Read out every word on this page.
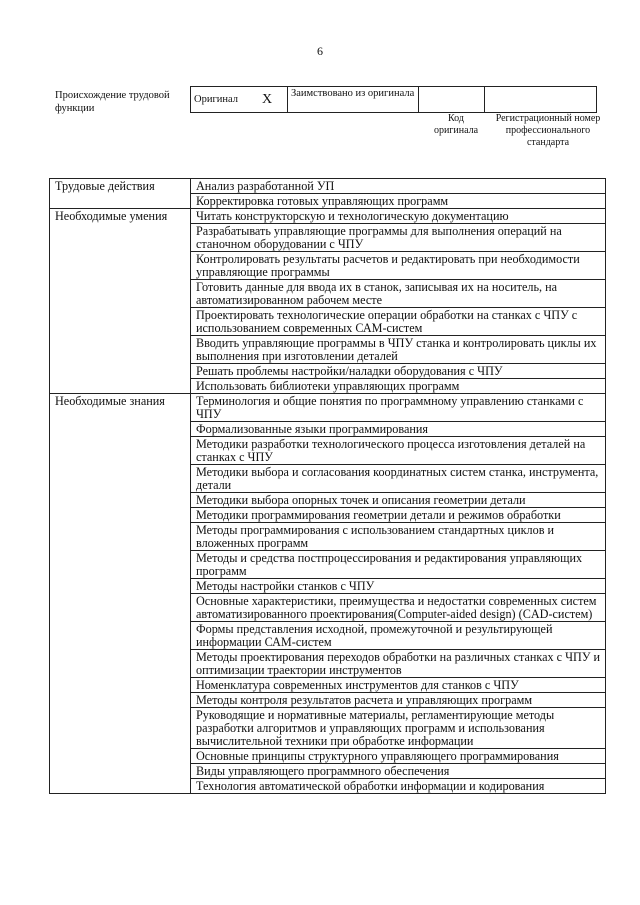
6
Происхождение трудовой функции
Оригинал	X	Заимствовано из оригинала		
Код оригинала
Регистрационный номер профессионального стандарта
Трудовые действия	Анализ разработанной УП
	Корректировка готовых управляющих программ
Необходимые умения	Читать конструкторскую и технологическую документацию
	Разрабатывать управляющие программы для выполнения операций на станочном оборудовании с ЧПУ
	Контролировать результаты расчетов и редактировать при необходимости управляющие программы
	Готовить данные для ввода их в станок, записывая их на носитель, на автоматизированном рабочем месте
	Проектировать технологические операции обработки на станках с ЧПУ с использованием современных САМ-систем
	Вводить управляющие программы в ЧПУ станка и контролировать циклы их выполнения при изготовлении деталей
	Решать проблемы настройки/наладки оборудования с ЧПУ
	Использовать библиотеки управляющих программ
Необходимые знания	Терминология и общие понятия по программному управлению станками с ЧПУ
	Формализованные языки программирования
	Методики разработки технологического процесса изготовления деталей на станках с ЧПУ
	Методики выбора и согласования координатных систем станка, инструмента, детали
	Методики выбора опорных точек и описания геометрии детали
	Методики программирования геометрии детали и режимов обработки
	Методы программирования с использованием стандартных циклов и вложенных программ
	Методы и средства постпроцессирования и редактирования управляющих программ
	Методы настройки станков с ЧПУ
	Основные характеристики, преимущества и недостатки современных систем автоматизированного проектирования(Computer-aided design) (CAD-систем)
	Формы представления исходной, промежуточной и результирующей информации САМ-систем
	Методы проектирования переходов обработки на различных станках с ЧПУ и оптимизации траектории инструментов
	Номенклатура современных инструментов для станков с ЧПУ
	Методы контроля результатов расчета и управляющих программ
	Руководящие и нормативные материалы, регламентирующие методы разработки алгоритмов и управляющих программ и использования вычислительной техники при обработке информации
	Основные принципы структурного управляющего программирования
	Виды управляющего программного обеспечения
	Технология автоматической обработки информации и кодирования
